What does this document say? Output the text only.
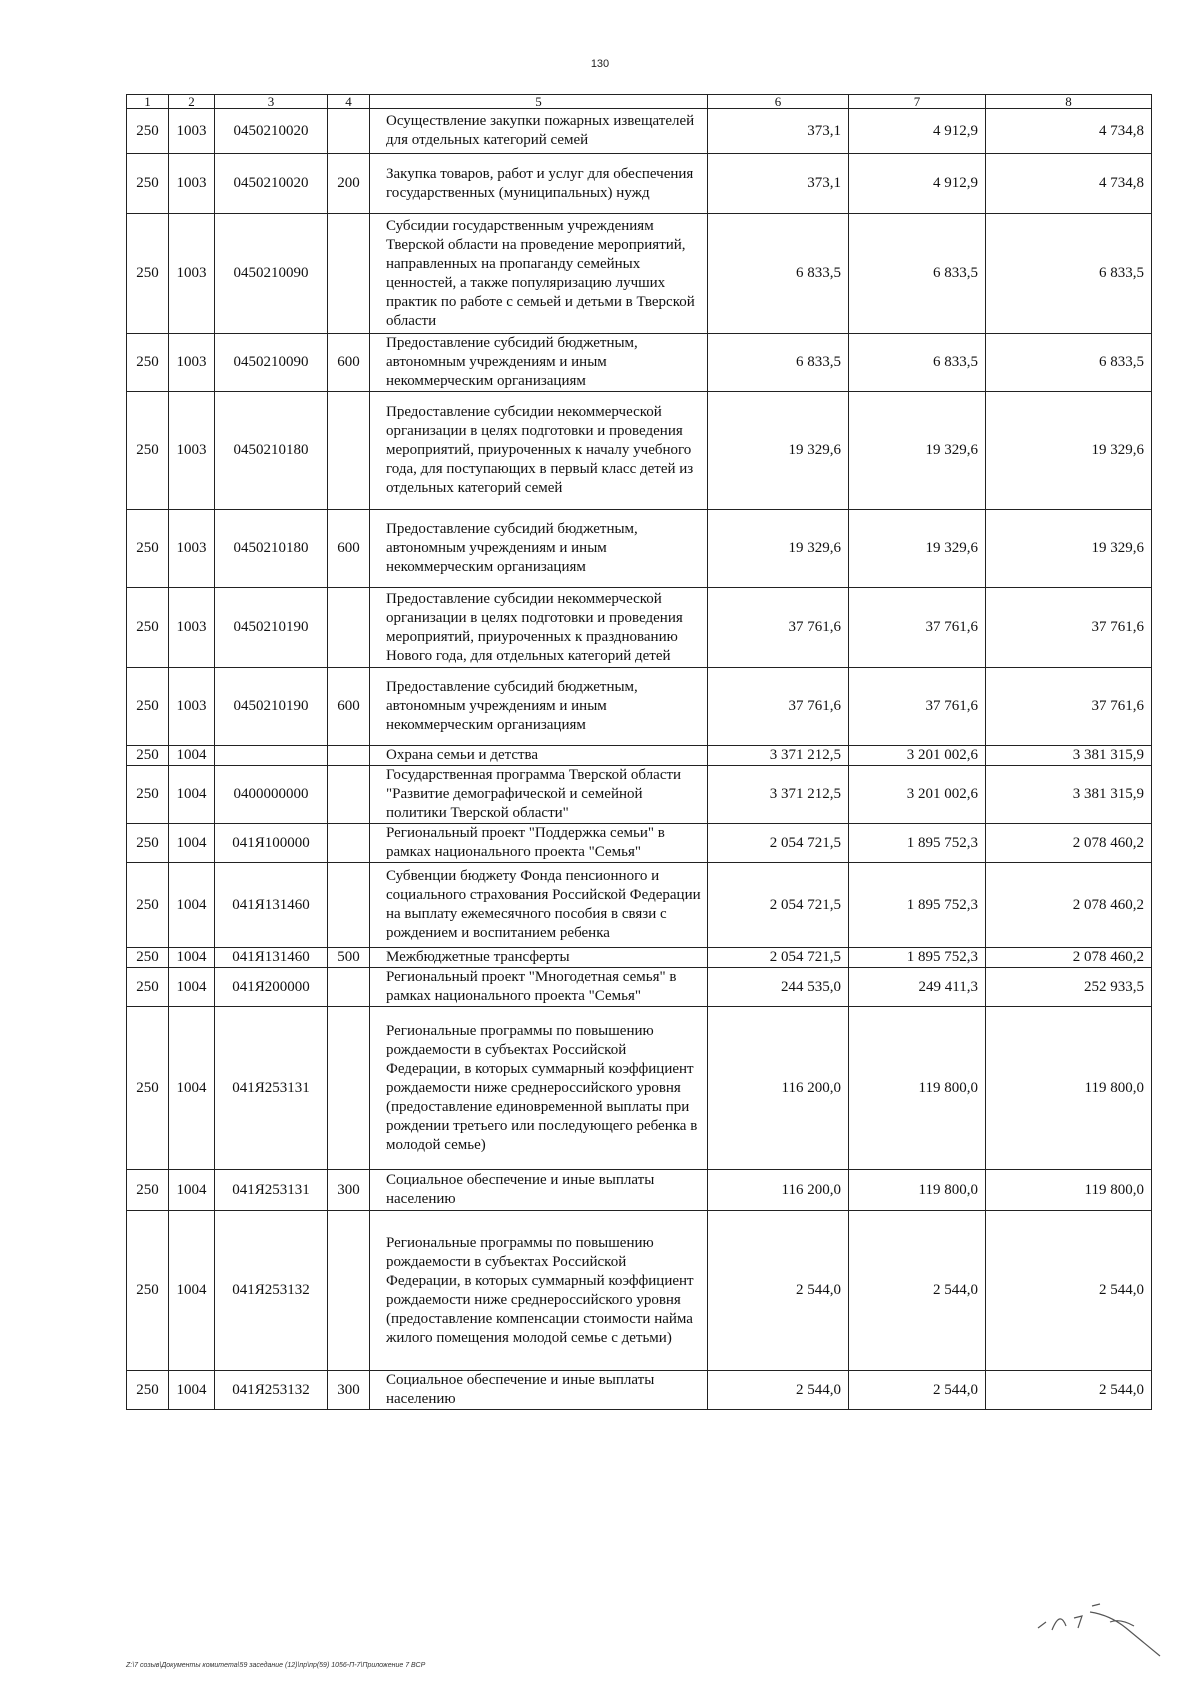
130
1	2	3	4	5	6	7	8
250	1003	0450210020		Осуществление закупки пожарных извещателей для отдельных категорий семей	373,1	4 912,9	4 734,8
250	1003	0450210020	200	Закупка товаров, работ и услуг для обеспечения государственных (муниципальных) нужд	373,1	4 912,9	4 734,8
250	1003	0450210090		Субсидии государственным учреждениям Тверской области на проведение мероприятий, направленных на пропаганду семейных ценностей, а также популяризацию лучших практик по работе с семьей и детьми в Тверской области	6 833,5	6 833,5	6 833,5
250	1003	0450210090	600	Предоставление субсидий бюджетным, автономным учреждениям и иным некоммерческим организациям	6 833,5	6 833,5	6 833,5
250	1003	0450210180		Предоставление субсидии некоммерческой организации в целях подготовки и проведения мероприятий, приуроченных к началу учебного года, для поступающих в первый класс детей из отдельных категорий семей	19 329,6	19 329,6	19 329,6
250	1003	0450210180	600	Предоставление субсидий бюджетным, автономным учреждениям и иным некоммерческим организациям	19 329,6	19 329,6	19 329,6
250	1003	0450210190		Предоставление субсидии некоммерческой организации в целях подготовки и проведения мероприятий, приуроченных к празднованию Нового года, для отдельных категорий детей	37 761,6	37 761,6	37 761,6
250	1003	0450210190	600	Предоставление субсидий бюджетным, автономным учреждениям и иным некоммерческим организациям	37 761,6	37 761,6	37 761,6
250	1004			Охрана семьи и детства	3 371 212,5	3 201 002,6	3 381 315,9
250	1004	0400000000		Государственная программа Тверской области "Развитие демографической и семейной политики Тверской области"	3 371 212,5	3 201 002,6	3 381 315,9
250	1004	041Я100000		Региональный проект "Поддержка семьи" в рамках национального проекта "Семья"	2 054 721,5	1 895 752,3	2 078 460,2
250	1004	041Я131460		Субвенции бюджету Фонда пенсионного и социального страхования Российской Федерации на выплату ежемесячного пособия в связи с рождением и воспитанием ребенка	2 054 721,5	1 895 752,3	2 078 460,2
250	1004	041Я131460	500	Межбюджетные трансферты	2 054 721,5	1 895 752,3	2 078 460,2
250	1004	041Я200000		Региональный проект "Многодетная семья" в рамках национального проекта "Семья"	244 535,0	249 411,3	252 933,5
250	1004	041Я253131		Региональные программы по повышению рождаемости в субъектах Российской Федерации, в которых суммарный коэффициент рождаемости ниже среднероссийского уровня (предоставление единовременной выплаты при рождении третьего или последующего ребенка в молодой семье)	116 200,0	119 800,0	119 800,0
250	1004	041Я253131	300	Социальное обеспечение и иные выплаты населению	116 200,0	119 800,0	119 800,0
250	1004	041Я253132		Региональные программы по повышению рождаемости в субъектах Российской Федерации, в которых суммарный коэффициент рождаемости ниже среднероссийского уровня (предоставление компенсации стоимости найма жилого помещения молодой семье с детьми)	2 544,0	2 544,0	2 544,0
250	1004	041Я253132	300	Социальное обеспечение и иные выплаты населению	2 544,0	2 544,0	2 544,0
Z:\7 созыв\Документы комитета\59 заседание (12)\пр\пр(59) 1056-П-7\Приложение 7 ВСР
